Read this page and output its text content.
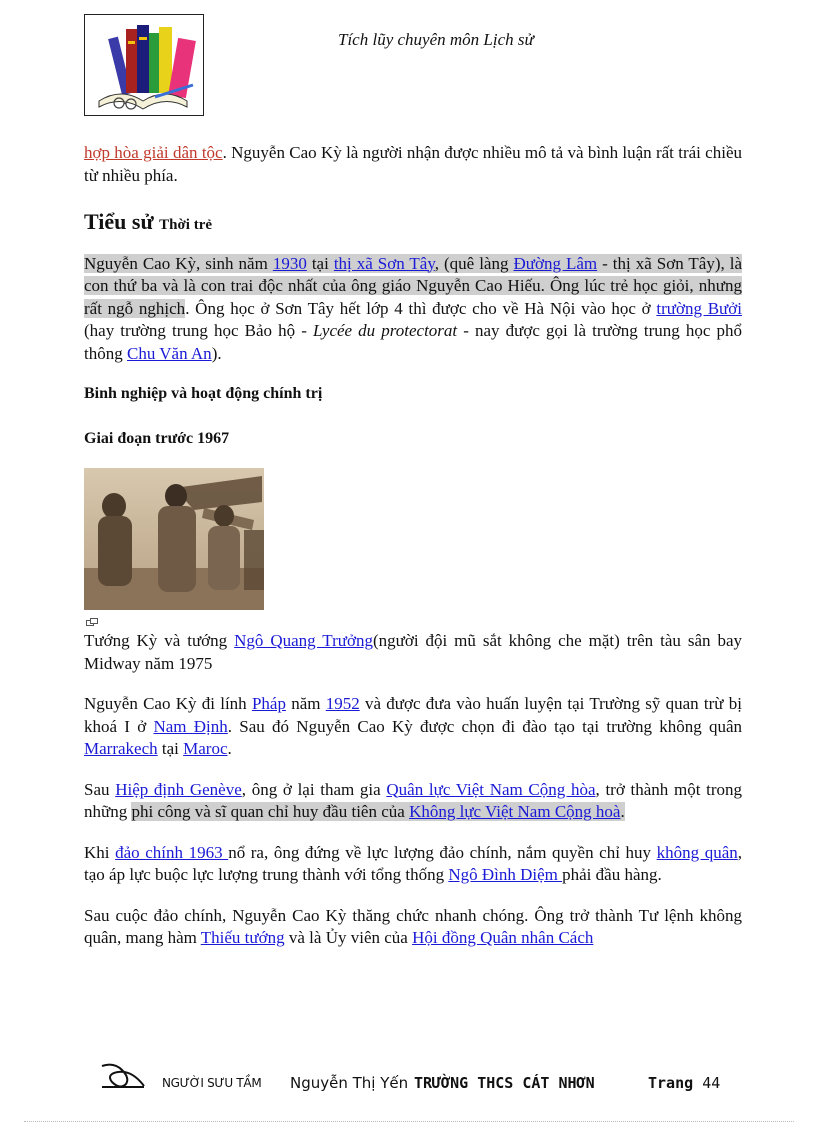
Tích lũy chuyên môn Lịch sử

hợp hòa giải dân tộc. Nguyễn Cao Kỳ là người nhận được nhiều mô tả và bình luận rất trái chiều từ nhiều phía.

Tiểu sử Thời trẻ

Nguyễn Cao Kỳ, sinh năm 1930 tại thị xã Sơn Tây, (quê làng Đường Lâm - thị xã Sơn Tây), là con thứ ba và là con trai độc nhất của ông giáo Nguyễn Cao Hiếu. Ông lúc trẻ học giỏi, nhưng rất ngỗ nghịch. Ông học ở Sơn Tây hết lớp 4 thì được cho về Hà Nội vào học ở trường Bưởi (hay trường trung học Bảo hộ - Lycée du protectorat - nay được gọi là trường trung học phổ thông Chu Văn An).

Binh nghiệp và hoạt động chính trị
Giai đoạn trước 1967

Tướng Kỳ và tướng Ngô Quang Trưởng(người đội mũ sắt không che mặt) trên tàu sân bay Midway năm 1975

Nguyễn Cao Kỳ đi lính Pháp năm 1952 và được đưa vào huấn luyện tại Trường sỹ quan trừ bị khoá I ở Nam Định. Sau đó Nguyễn Cao Kỳ được chọn đi đào tạo tại trường không quân Marrakech tại Maroc.

Sau Hiệp định Genève, ông ở lại tham gia Quân lực Việt Nam Cộng hòa, trở thành một trong những phi công và sĩ quan chỉ huy đầu tiên của Không lực Việt Nam Cộng hoà.

Khi đảo chính 1963 nổ ra, ông đứng về lực lượng đảo chính, nắm quyền chỉ huy không quân, tạo áp lực buộc lực lượng trung thành với tổng thống Ngô Đình Diệm phải đầu hàng.

Sau cuộc đảo chính, Nguyễn Cao Kỳ thăng chức nhanh chóng. Ông trở thành Tư lệnh không quân, mang hàm Thiếu tướng và là Ủy viên của Hội đồng Quân nhân Cách

NGƯỜI SƯU TẦM Nguyễn Thị Yến TRƯỜNG THCS CÁT NHƠN	Trang 44
